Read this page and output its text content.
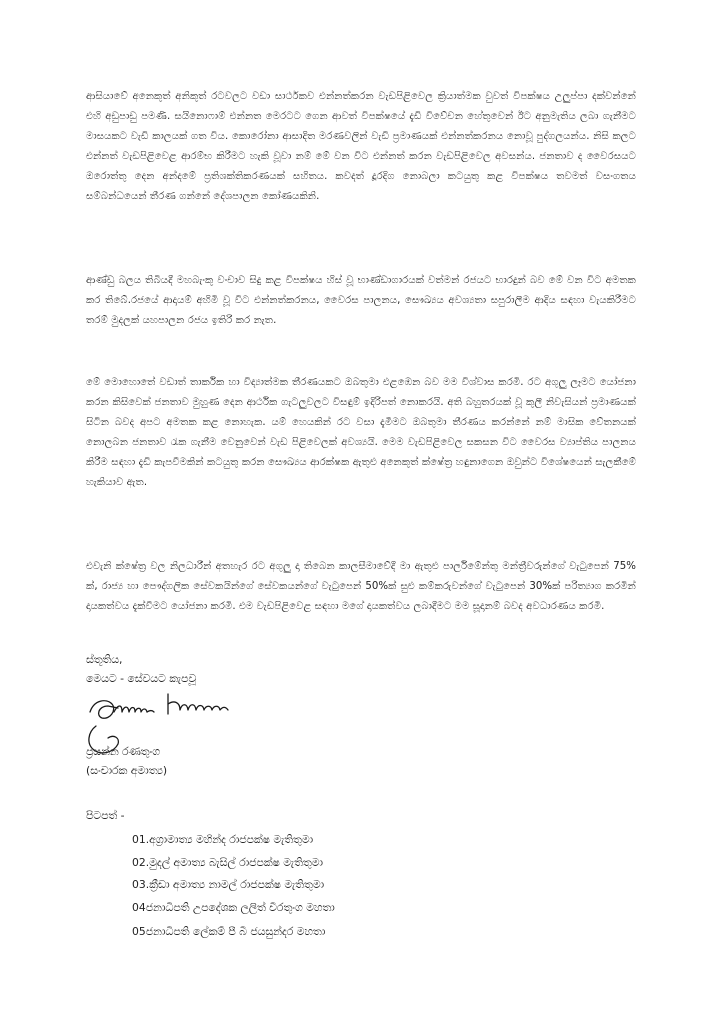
ආසියාවේ අනෙකුත් අනිකුත් රටවලට වඩා සාර්ථකව එන්නත්කරන වැඩපිළිවෙල ක්‍රියාත්මක වුවත් විපක්ෂය උලුප්පා දක්වන්නේ එහි අඩුපාඩු පමණි. සයිනොෆාම් එන්නත මෙරටට ගෙන ආවත් විපක්ෂයේ දැඩි විවේචන හේතුවෙන් ඊට අනුමැතිය ලබා ගැනීමට මාසයකට වැඩි කාලයක් ගත විය. කොරෝනා ආසාදිත මරණවලින් වැඩි ප්‍රමාණයක් එන්නත්කරනය නොවූ පුද්ගලයන්ය. නිසි කලට එන්නත් වැඩපිළිවෙළ ආරම්භ කිරීමට හැකි වූවා නම් මේ වන විට එන්නත් කරන වැඩපිළිවෙල අවසන්ය. ජනතාව ද වෛරසයට ඔරොත්තු දෙන අන්දමේ ප්‍රතිශක්තිකරණයක් සහිතය. කවදත් දූරදිග නොබලා කටයුතු කළ විපක්ෂය තවමත් වසංගතය සම්බන්ධයෙන් තීරණ ගන්නේ දේශපාලන කෝණයකිනි.

ආණ්ඩු බලය තිබියදී මහබැංකු වංචාව සිදු කළ විපක්ෂය හිස් වූ භාණ්ඩාගාරයක් වත්මන් රජයට භාරදුන් බව මේ වන විට අමතක කර තිබේ.රජයේ ආදායම් අහිමි වූ විට එන්නත්කරනය, වෛරස පාලනය, සෞඛ්‍යය අවශ්‍යතා සපුරාලීම ආදිය සඳහා වැයකිරීමට තරම් මුදලක් යහපාලන රජය ඉතිරි කර නැත.

මේ මොහොතේ වඩාත් තාර්කික හා විද්‍යාත්මක තීරණයකට ඔබතුමා එළඹෙන බව මම විශ්වාස කරමි. රට අගුලු ලෑමට යෝජනා කරන කිසිවෙක් ජනතාව මුහුණ දෙන ආර්ථික ගැටලුවලට විසඳුම් ඉදිරිපත් නොකරයි. අති බහුතරයක් වූ කුලී නිවැසියන් ප්‍රමාණයක් සිටින බවද අපට අමතක කළ නොහැක. යම් හෙයකින් රට වසා දැමීමට ඔබතුමා තීරණය කරන්නේ නම් මාසික වේතනයක් නොලබන ජනතාව රැක ගැනීම වෙනුවෙන් වැඩ පිළිවෙලක් අවශ්‍යයි. මෙම වැඩපිළිවෙල සකසන විට වෛරස ව්‍යාප්තිය පාලනය කිරීම සඳහා දැඩි කැපවීමකින් කටයුතු කරන සෞඛ්‍යය ආරක්ෂක ඇතුළු අනෙකුත් ක්ෂේත්‍ර හඳුනාගෙන ඔවුන්ට විශේෂයෙන් සැලකීමේ හැකියාව ඇත.

එවැනි ක්ෂේත්‍ර වල නිලධාරීන් අතහැර රට අගුලු දා තිබෙන කාලසීමාවේදී මා ඇතුළු පාර්ලිමේන්තු මන්ත්‍රීවරුන්ගේ වැටුපෙන් 75% ක්, රාජ්‍ය හා පෞද්ගලික සේවකයින්ගේ සේවකයන්ගේ වැටුපෙන් 50%ක් සුළු කම්කරුවන්ගේ වැටුපෙන් 30%ක් පරිත්‍යාග කරමින් දායකත්වය දැක්වීමට යෝජනා කරමි. එම වැඩපිළිවෙළ සඳහා මගේ දායකත්වය ලබාදීමට මම සූදානම් බවද අවධාරණය කරමි.

ස්තූතිය,
මෙයට - සේවයට කැපවූ
ප්‍රසන්න රණතුංග
(සංචාරක අමාත්‍ය)
පිටපත් -
01.අග්‍රාමාත්‍ය මහින්ද රාජපක්ෂ මැතිතුමා
02.මුදල් අමාත්‍ය බැසිල් රාජපක්ෂ මැතිතුමා
03.ක්‍රීඩා අමාත්‍ය නාමල් රාජපක්ෂ මැතිතුමා
04ජනාධිපති උපදේශක ලලිත් වීරතුංග මහතා
05ජනාධිපති ලේකම් පී බී ජයසුන්දර මහතා
